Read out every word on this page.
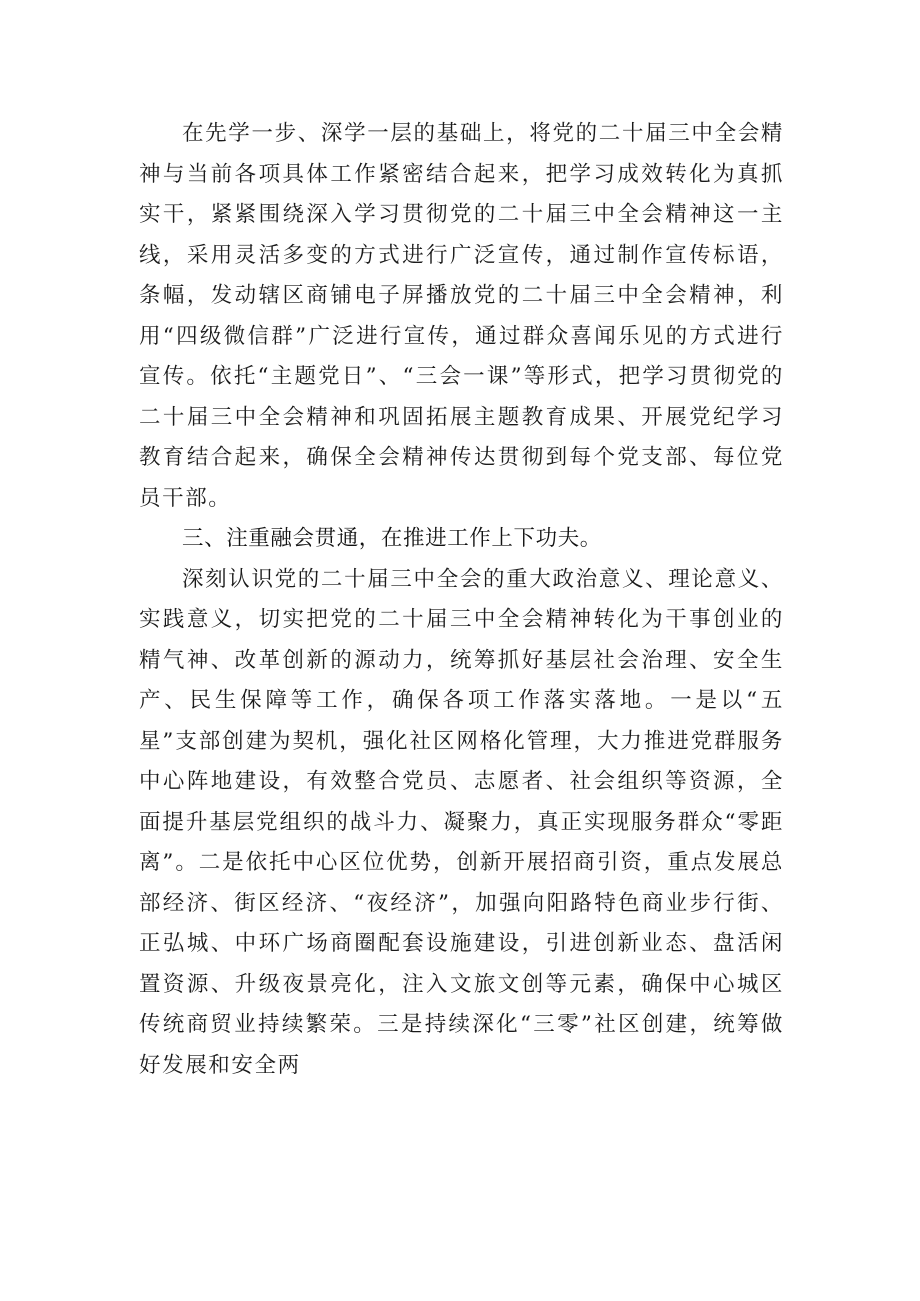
在先学一步、深学一层的基础上，将党的二十届三中全会精神与当前各项具体工作紧密结合起来，把学习成效转化为真抓实干，紧紧围绕深入学习贯彻党的二十届三中全会精神这一主线，采用灵活多变的方式进行广泛宣传，通过制作宣传标语，条幅，发动辖区商铺电子屏播放党的二十届三中全会精神，利用“四级微信群”广泛进行宣传，通过群众喜闻乐见的方式进行宣传。依托“主题党日”、“三会一课”等形式，把学习贯彻党的二十届三中全会精神和巩固拓展主题教育成果、开展党纪学习教育结合起来，确保全会精神传达贯彻到每个党支部、每位党员干部。

三、注重融会贯通，在推进工作上下功夫。

深刻认识党的二十届三中全会的重大政治意义、理论意义、实践意义，切实把党的二十届三中全会精神转化为干事创业的精气神、改革创新的源动力，统筹抓好基层社会治理、安全生产、民生保障等工作，确保各项工作落实落地。一是以“五星”支部创建为契机，强化社区网格化管理，大力推进党群服务中心阵地建设，有效整合党员、志愿者、社会组织等资源，全面提升基层党组织的战斗力、凝聚力，真正实现服务群众“零距离”。二是依托中心区位优势，创新开展招商引资，重点发展总部经济、街区经济、“夜经济”，加强向阳路特色商业步行街、正弘城、中环广场商圈配套设施建设，引进创新业态、盘活闲置资源、升级夜景亮化，注入文旅文创等元素，确保中心城区传统商贸业持续繁荣。三是持续深化“三零”社区创建，统筹做好发展和安全两
